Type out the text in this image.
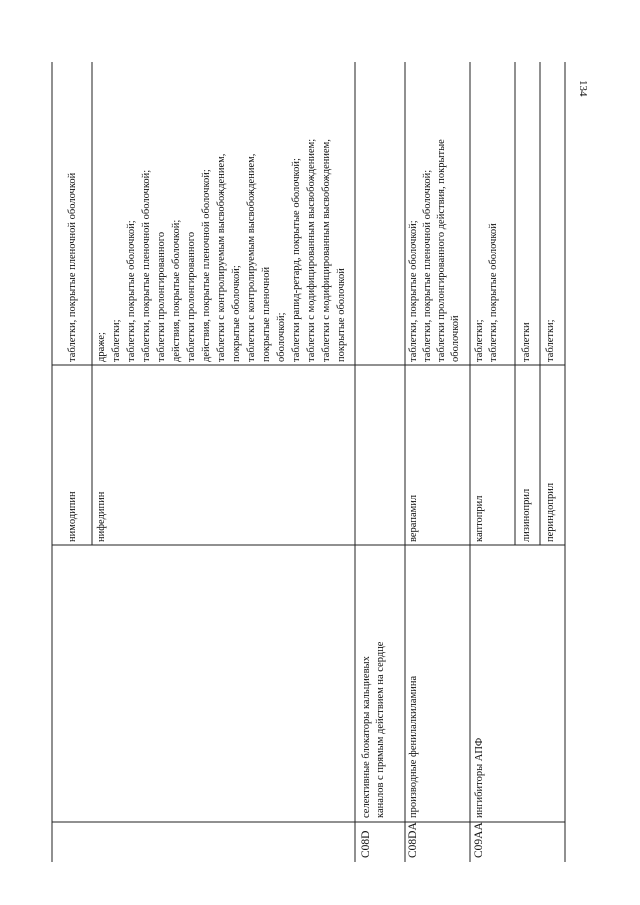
134
нимодипин
таблетки, покрытые пленочной оболочкой
нифедипин
драже; таблетки; таблетки, покрытые оболочкой; таблетки, покрытые пленочной оболочкой; таблетки пролонгированного действия, покрытые оболочкой; таблетки пролонгированного действия, покрытые пленочной оболочкой; таблетки с контролируемым высвобождением, покрытые оболочкой; таблетки с контролируемым высвобождением, покрытые пленочной оболочкой; таблетки рапид-ретард, покрытые оболочкой; таблетки с модифицированным высвобождением; таблетки с модифицированным высвобождением, покрытые оболочкой
C08D
селективные блокаторы кальциевых каналов с прямым действием на сердце
C08DA
производные фенилалкиламина
верапамил
таблетки, покрытые оболочкой; таблетки, покрытые пленочной оболочкой; таблетки пролонгированного действия, покрытые оболочкой
C09AA
ингибиторы АПФ
каптоприл
таблетки; таблетки, покрытые оболочкой
лизиноприл
таблетки
периндоприл
таблетки;
